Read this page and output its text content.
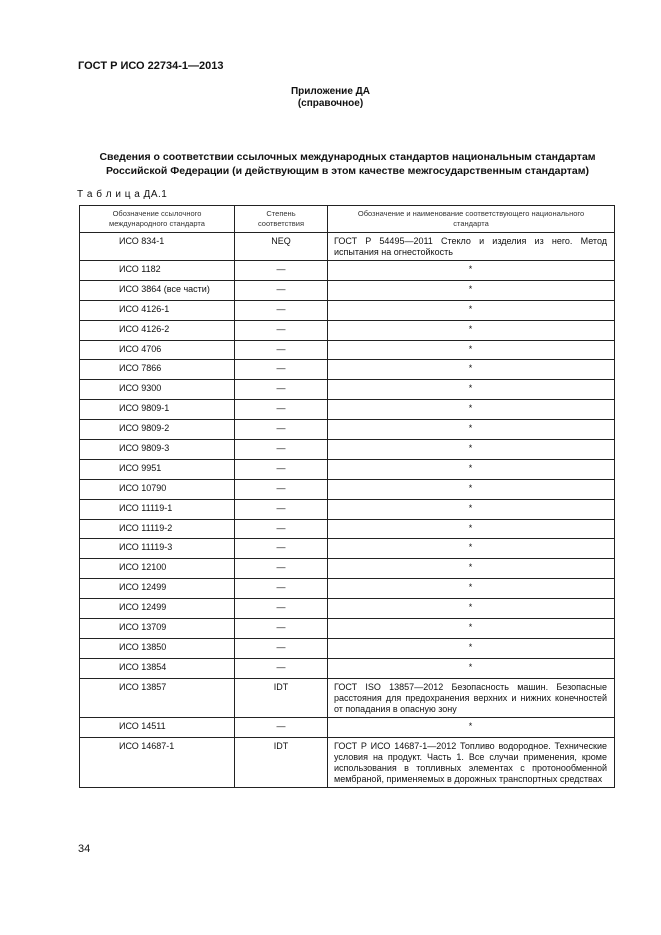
ГОСТ Р ИСО 22734-1—2013
Приложение ДА
(справочное)
Сведения о соответствии ссылочных международных стандартов национальным стандартам Российской Федерации (и действующим в этом качестве межгосударственным стандартам)
Т а б л и ц а ДА.1
Обозначение ссылочного международного стандарта	Степень соответствия	Обозначение и наименование соответствующего национального стандарта
ИСО 834-1	NEQ	ГОСТ Р 54495—2011 Стекло и изделия из него. Метод испытания на огнестойкость
ИСО 1182	—	*
ИСО 3864 (все части)	—	*
ИСО 4126-1	—	*
ИСО 4126-2	—	*
ИСО 4706	—	*
ИСО 7866	—	*
ИСО 9300	—	*
ИСО 9809-1	—	*
ИСО 9809-2	—	*
ИСО 9809-3	—	*
ИСО 9951	—	*
ИСО 10790	—	*
ИСО 11119-1	—	*
ИСО 11119-2	—	*
ИСО 11119-3	—	*
ИСО 12100	—	*
ИСО 12499	—	*
ИСО 12499	—	*
ИСО 13709	—	*
ИСО 13850	—	*
ИСО 13854	—	*
ИСО 13857	IDT	ГОСТ ISO 13857—2012 Безопасность машин. Безопасные расстояния для предохранения верхних и нижних конечностей от попадания в опасную зону
ИСО 14511	—	*
ИСО 14687-1	IDT	ГОСТ Р ИСО 14687-1—2012 Топливо водородное. Технические условия на продукт. Часть 1. Все случаи применения, кроме использования в топливных элементах с протонообменной мембраной, применяемых в дорожных транспортных средствах
34
